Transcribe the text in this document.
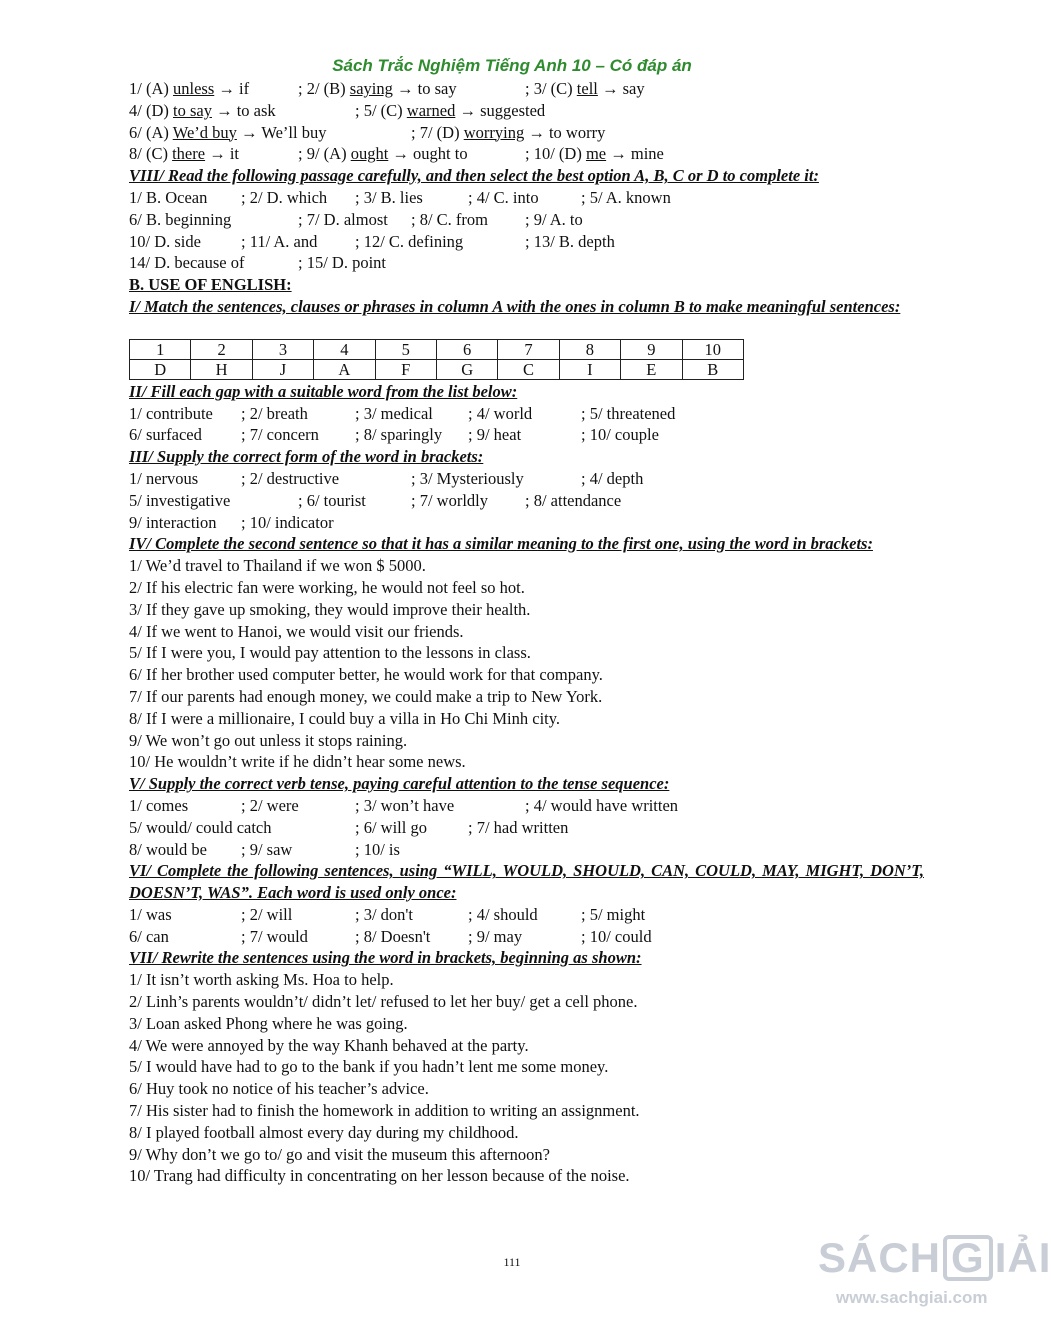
Sách Trắc Nghiệm Tiếng Anh 10 – Có đáp án
1/ (A) unless → if	; 2/ (B) saying → to say	; 3/ (C) tell → say
4/ (D) to say → to ask	; 5/ (C) warned → suggested
6/ (A) We’d buy → We’ll buy	; 7/ (D) worrying → to worry
8/ (C) there → it	; 9/ (A) ought → ought to	; 10/ (D) me → mine
VIII/ Read the following passage carefully, and then select the best option A, B, C or D to complete it:
1/ B. Ocean ; 2/ D. which ; 3/ B. lies	; 4/ C. into	; 5/ A. known
6/ B. beginning	; 7/ D. almost ; 8/ C. from ; 9/ A. to
10/ D. side ; 11/ A. and ; 12/ C. defining	; 13/ B. depth
14/ D. because of	; 15/ D. point
B. USE OF ENGLISH:
I/ Match the sentences, clauses or phrases in column A with the ones in column B to make meaningful sentences:
1	2	3	4	5	6	7	8	9	10
D	H	J	A	F	G	C	I	E	B
II/ Fill each gap with a suitable word from the list below:
1/ contribute ; 2/ breath	; 3/ medical ; 4/ world	; 5/ threatened
6/ surfaced ; 7/ concern ; 8/ sparingly ; 9/ heat	; 10/ couple
III/ Supply the correct form of the word in brackets:
1/ nervous	; 2/ destructive	; 3/ Mysteriously	; 4/ depth
5/ investigative	; 6/ tourist	; 7/ worldly ; 8/ attendance
9/ interaction ; 10/ indicator
IV/ Complete the second sentence so that it has a similar meaning to the first one, using the word in brackets:
1/ We’d travel to Thailand if we won $ 5000.
2/ If his electric fan were working, he would not feel so hot.
3/ If they gave up smoking, they would improve their health.
4/ If we went to Hanoi, we would visit our friends.
5/ If I were you, I would pay attention to the lessons in class.
6/ If her brother used computer better, he would work for that company.
7/ If our parents had enough money, we could make a trip to New York.
8/ If I were a millionaire, I could buy a villa in Ho Chi Minh city.
9/ We won’t go out unless it stops raining.
10/ He wouldn’t write if he didn’t hear some news.
V/ Supply the correct verb tense, paying careful attention to the tense sequence:
1/ comes	; 2/ were	; 3/ won’t have	; 4/ would have written
5/ would/ could catch	; 6/ will go ; 7/ had written
8/ would be ; 9/ saw	; 10/ is
VI/ Complete the following sentences, using “WILL, WOULD, SHOULD, CAN, COULD, MAY, MIGHT, DON’T, DOESN’T, WAS”. Each word is used only once:
1/ was	; 2/ will	; 3/ don't	; 4/ should	; 5/ might
6/ can	; 7/ would	; 8/ Doesn't ; 9/ may	; 10/ could
VII/ Rewrite the sentences using the word in brackets, beginning as shown:
1/ It isn’t worth asking Ms. Hoa to help.
2/ Linh’s parents wouldn’t/ didn’t let/ refused to let her buy/ get a cell phone.
3/ Loan asked Phong where he was going.
4/ We were annoyed by the way Khanh behaved at the party.
5/ I would have had to go to the bank if you hadn’t lent me some money.
6/ Huy took no notice of his teacher’s advice.
7/ His sister had to finish the homework in addition to writing an assignment.
8/ I played football almost every day during my childhood.
9/ Why don’t we go to/ go and visit the museum this afternoon?
10/ Trang had difficulty in concentrating on her lesson because of the noise.
111	SÁCH G IẢI
www.sachgiai.com
